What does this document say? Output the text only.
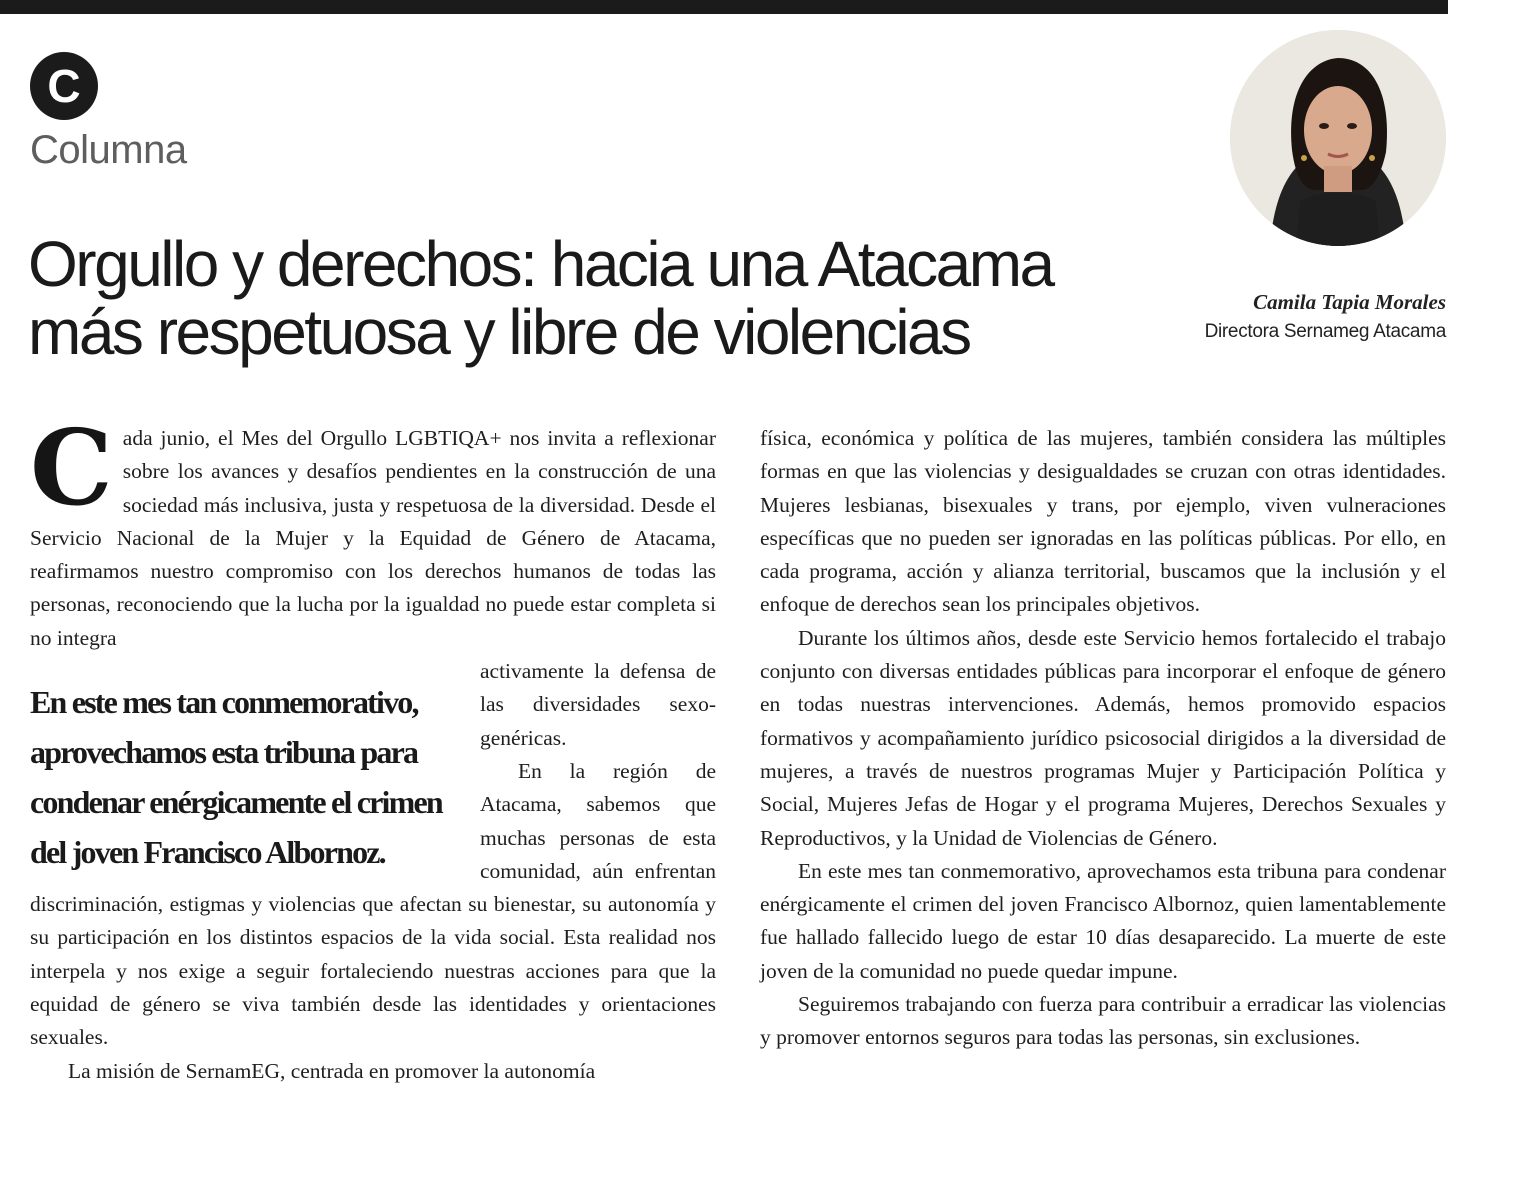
C
Columna
Orgullo y derechos: hacia una Atacama
más respetuosa y libre de violencias	Camila Tapia Morales
Directora Sernameg Atacama
C ada junio, el Mes del Orgullo LGBTIQA+ nos invita a reflexionar sobre los avances y desafíos pendientes en la construcción de una sociedad más inclusiva, justa y respetuosa de la diversidad. Desde el Servicio Nacional de la Mujer y la Equidad de Género de Atacama, reafirmamos nuestro compromiso con los derechos humanos de todas las personas, reconociendo que la lucha por la igualdad no puede estar completa si no integra

En este mes tan conmemorativo, aprovechamos esta tribuna para condenar enérgicamente el crimen del joven Francisco Albornoz.

activamente la defensa de las diversidades sexo-genéricas.

En la región de Atacama, sabemos que muchas personas de esta comunidad, aún enfrentan discriminación, estigmas y violencias que afectan su bienestar, su autonomía y su participación en los distintos espacios de la vida social. Esta realidad nos interpela y nos exige a seguir fortaleciendo nuestras acciones para que la equidad de género se viva también desde las identidades y orientaciones sexuales.

La misión de SernamEG, centrada en promover la autonomía

física, económica y política de las mujeres, también considera las múltiples formas en que las violencias y desigualdades se cruzan con otras identidades. Mujeres lesbianas, bisexuales y trans, por ejemplo, viven vulneraciones específicas que no pueden ser ignoradas en las políticas públicas. Por ello, en cada programa, acción y alianza territorial, buscamos que la inclusión y el enfoque de derechos sean los principales objetivos.

Durante los últimos años, desde este Servicio hemos fortalecido el trabajo conjunto con diversas entidades públicas para incorporar el enfoque de género en todas nuestras intervenciones. Además, hemos promovido espacios formativos y acompañamiento jurídico psicosocial dirigidos a la diversidad de mujeres, a través de nuestros programas Mujer y Participación Política y Social, Mujeres Jefas de Hogar y el programa Mujeres, Derechos Sexuales y Reproductivos, y la Unidad de Violencias de Género.

En este mes tan conmemorativo, aprovechamos esta tribuna para condenar enérgicamente el crimen del joven Francisco Albornoz, quien lamentablemente fue hallado fallecido luego de estar 10 días desaparecido. La muerte de este joven de la comunidad no puede quedar impune.

Seguiremos trabajando con fuerza para contribuir a erradicar las violencias y promover entornos seguros para todas las personas, sin exclusiones.
